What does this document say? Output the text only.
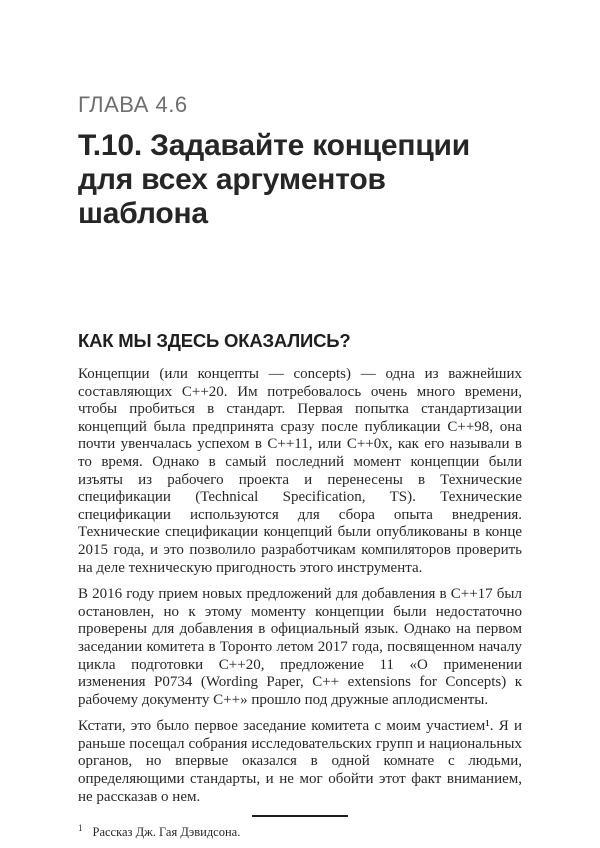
ГЛАВА 4.6
Т.10. Задавайте концепции для всех аргументов шаблона
КАК МЫ ЗДЕСЬ ОКАЗАЛИСЬ?

Концепции (или концепты — concepts) — одна из важнейших составляющих C++20. Им потребовалось очень много времени, чтобы пробиться в стандарт. Первая попытка стандартизации концепций была предпринята сразу после публикации C++98, она почти увенчалась успехом в C++11, или C++0x, как его называли в то время. Однако в самый последний момент концепции были изъяты из рабочего проекта и перенесены в Технические спецификации (Technical Specification, TS). Технические спецификации используются для сбора опыта внедрения. Технические спецификации концепций были опубликованы в конце 2015 года, и это позволило разработчикам компиляторов проверить на деле техническую пригодность этого инструмента.

В 2016 году прием новых предложений для добавления в C++17 был остановлен, но к этому моменту концепции были недостаточно проверены для добавления в официальный язык. Однако на первом заседании комитета в Торонто летом 2017 года, посвященном началу цикла подготовки C++20, предложение 11 «О применении изменения P0734 (Wording Paper, C++ extensions for Concepts) к рабочему документу C++» прошло под дружные аплодисменты.

Кстати, это было первое заседание комитета с моим участием¹. Я и раньше посещал собрания исследовательских групп и национальных органов, но впервые оказался в одной комнате с людьми, определяющими стандарты, и не мог обойти этот факт вниманием, не рассказав о нем.

$^1$ Рассказ Дж. Гая Дэвидсона.
